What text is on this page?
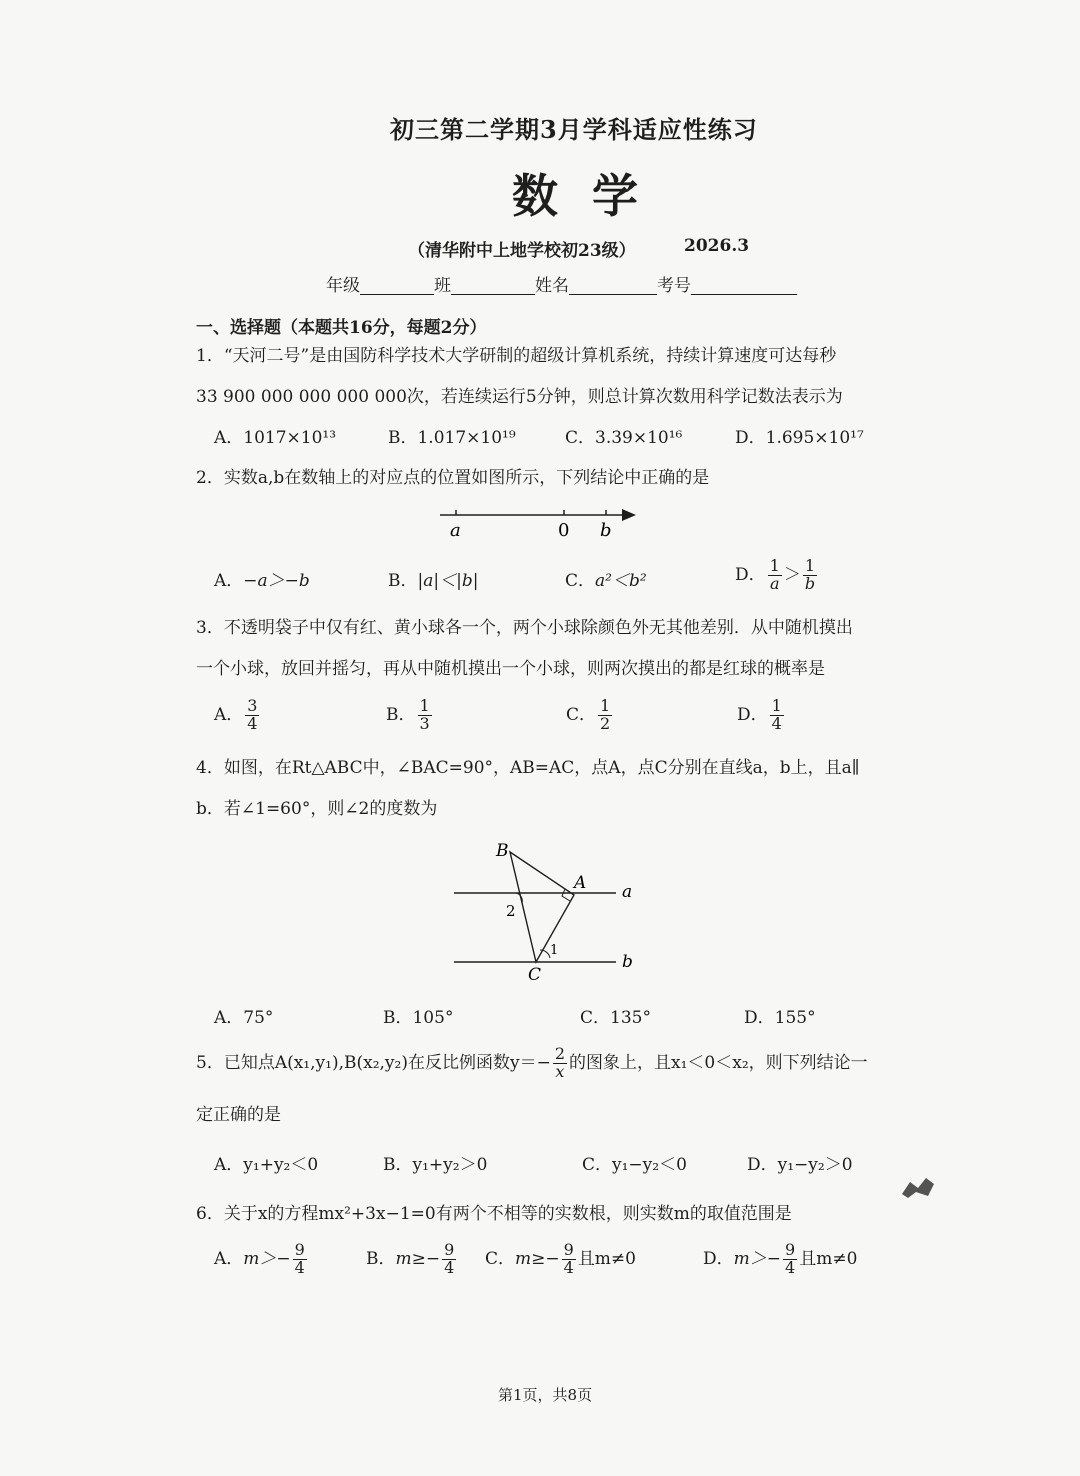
初三第二学期3月学科适应性练习
数学
（清华附中上地学校初23级）	2026.3
年级	班	姓名	考号
一、选择题（本题共16分，每题2分）
1．“天河二号”是由国防科学技术大学研制的超级计算机系统，持续计算速度可达每秒
33 900 000 000 000 000次，若连续运行5分钟，则总计算次数用科学记数法表示为
A．1017×10¹³	B．1.017×10¹⁹	C．3.39×10¹⁶	D．1.695×10¹⁷
2．实数a,b在数轴上的对应点的位置如图所示，下列结论中正确的是
a	0 b
A．−a＞−b	B．|a|＜|b|	C．a²＜b²	D． $\frac{1}{a} > \frac{1}{b}$
3．不透明袋子中仅有红、黄小球各一个，两个小球除颜色外无其他差别．从中随机摸出
一个小球，放回并摇匀，再从中随机摸出一个小球，则两次摸出的都是红球的概率是
A． $\frac{3}{4}$	B． $\frac{1}{3}$	C． $\frac{1}{2}$	D． $\frac{1}{4}$
4．如图，在Rt△ABC中，∠BAC=90°，AB=AC，点A，点C分别在直线a，b上，且a∥
b．若∠1=60°，则∠2的度数为
B
A
C
a
b
2
1
A．75°	B．105°	C．135°	D．155°
5．已知点A(x₁,y₁),B(x₂,y₂)在反比例函数$y=- \frac{2}{x}$ 的图象上，且x₁＜0＜x₂，则下列结论一
定正确的是
A．y₁+y₂＜0	B．y₁+y₂＞0	C．y₁−y₂＜0	D．y₁−y₂＞0
6．关于x的方程mx²+3x−1=0有两个不相等的实数根，则实数m的取值范围是
A．$m>- \frac{9}{4}$	B．$m\ge- \frac{9}{4}$ C．$m\ge- \frac{9}{4}$ 且m≠0	D．$m>- \frac{9}{4}$ 且m≠0
第1页，共8页
